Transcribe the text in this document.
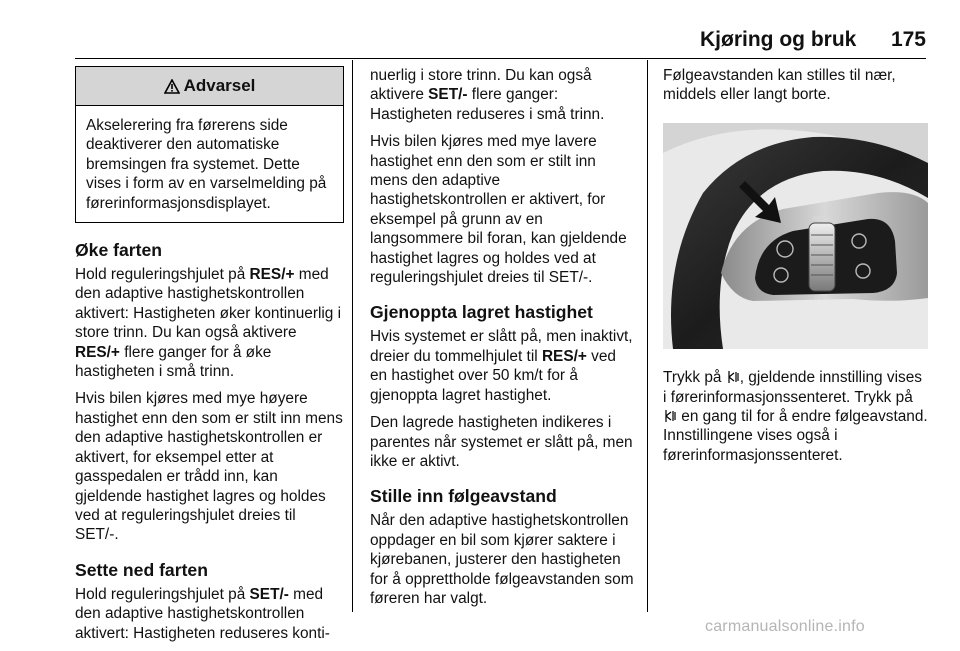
Kjøring og bruk 175
Advarsel
Akselerering fra førerens side deaktiverer den automatiske bremsingen fra systemet. Dette vises i form av en varselmelding på førerinformasjonsdisplayet.
Øke farten

Hold reguleringshjulet på RES/+ med den adaptive hastighetskontrollen aktivert: Hastigheten øker kontinuerlig i store trinn. Du kan også aktivere RES/+ flere ganger for å øke hastigheten i små trinn.

Hvis bilen kjøres med mye høyere hastighet enn den som er stilt inn mens den adaptive hastighetskontrollen er aktivert, for eksempel etter at gasspedalen er trådd inn, kan gjeldende hastighet lagres og holdes ved at reguleringshjulet dreies til SET/-.

Sette ned farten

Hold reguleringshjulet på SET/- med den adaptive hastighetskontrollen aktivert: Hastigheten reduseres konti-

nuerlig i store trinn. Du kan også aktivere SET/- flere ganger: Hastigheten reduseres i små trinn.

Hvis bilen kjøres med mye lavere hastighet enn den som er stilt inn mens den adaptive hastighetskontrollen er aktivert, for eksempel på grunn av en langsommere bil foran, kan gjeldende hastighet lagres og holdes ved at reguleringshjulet dreies til SET/-.

Gjenoppta lagret hastighet

Hvis systemet er slått på, men inaktivt, dreier du tommelhjulet til RES/+ ved en hastighet over 50 km/t for å gjenoppta lagret hastighet.

Den lagrede hastigheten indikeres i parentes når systemet er slått på, men ikke er aktivt.

Stille inn følgeavstand

Når den adaptive hastighetskontrollen oppdager en bil som kjører saktere i kjørebanen, justerer den hastigheten for å opprettholde følgeavstanden som føreren har valgt.

Følgeavstanden kan stilles til nær, middels eller langt borte.

RES/+
SET/-

Trykk på , gjeldende innstilling vises i førerinformasjonssenteret. Trykk på  en gang til for å endre følgeavstand. Innstillingene vises også i førerinformasjonssenteret.

carmanualsonline.info
